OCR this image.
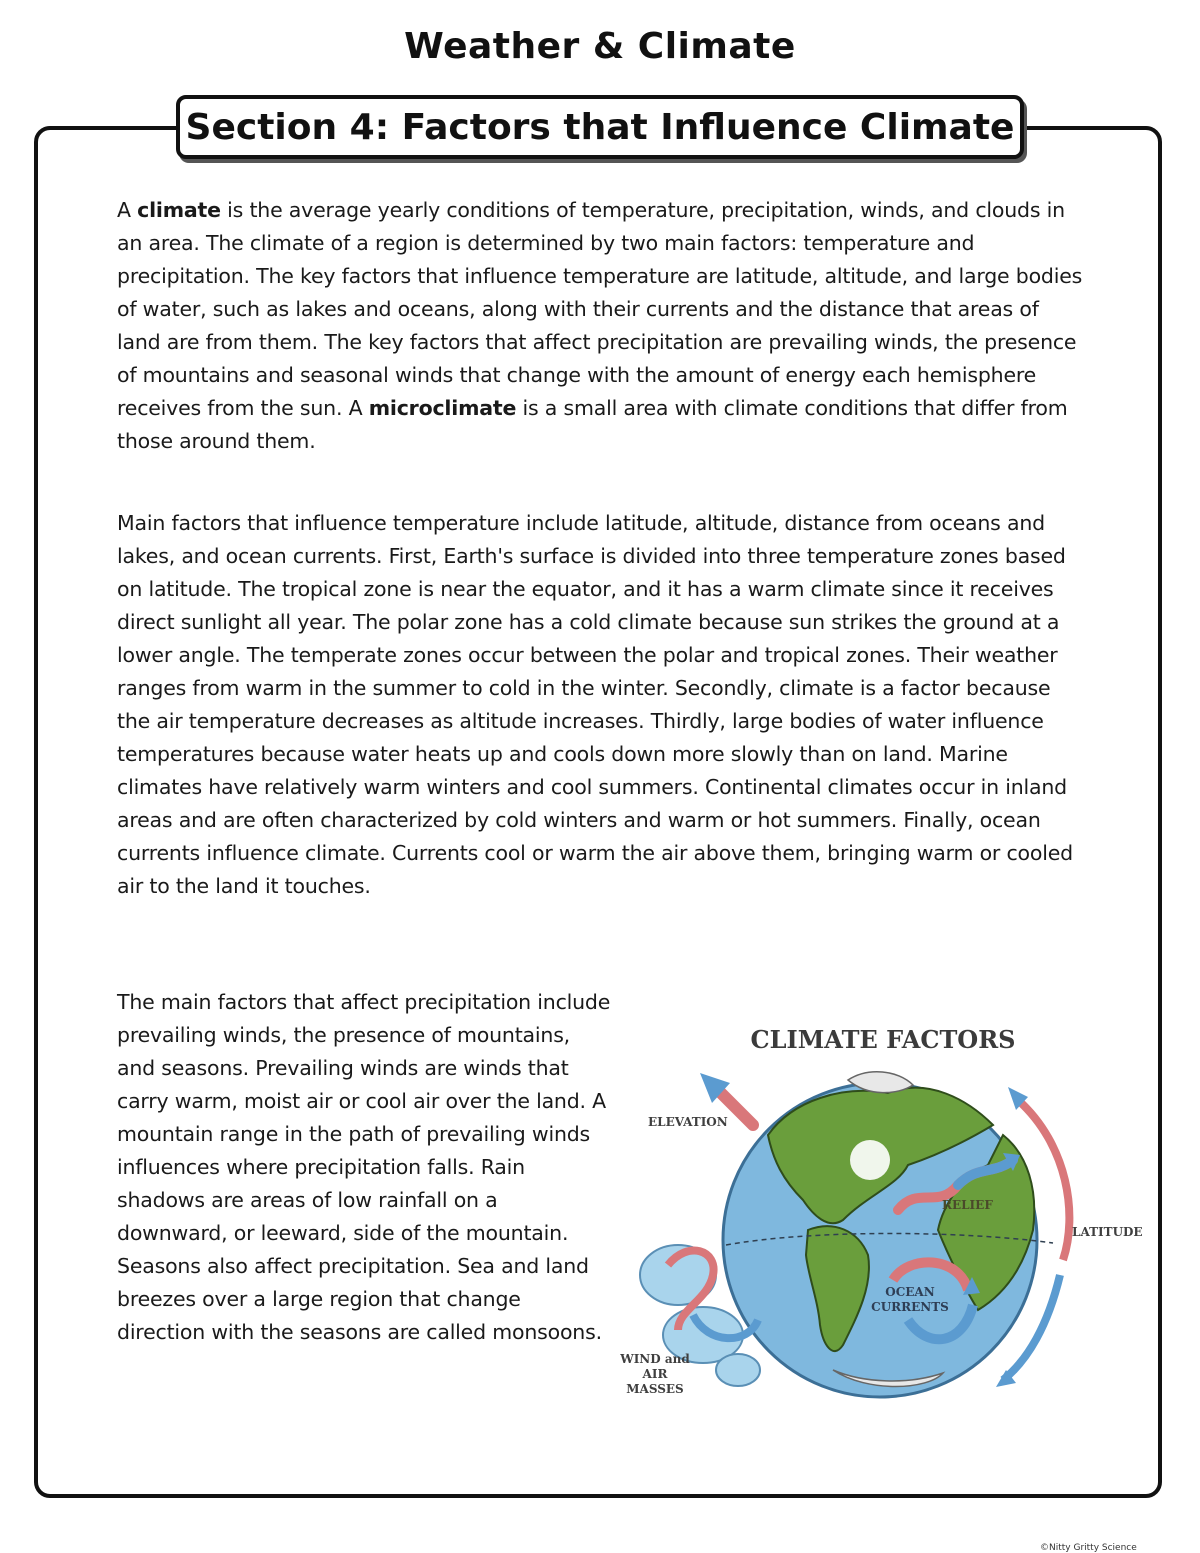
Weather & Climate
Section 4: Factors that Influence Climate

A climate is the average yearly conditions of temperature, precipitation, winds, and clouds in an area. The climate of a region is determined by two main factors: temperature and precipitation. The key factors that influence temperature are latitude, altitude, and large bodies of water, such as lakes and oceans, along with their currents and the distance that areas of land are from them. The key factors that affect precipitation are prevailing winds, the presence of mountains and seasonal winds that change with the amount of energy each hemisphere receives from the sun. A microclimate is a small area with climate conditions that differ from those around them.

Main factors that influence temperature include latitude, altitude, distance from oceans and lakes, and ocean currents. First, Earth's surface is divided into three temperature zones based on latitude. The tropical zone is near the equator, and it has a warm climate since it receives direct sunlight all year. The polar zone has a cold climate because sun strikes the ground at a lower angle. The temperate zones occur between the polar and tropical zones. Their weather ranges from warm in the summer to cold in the winter. Secondly, climate is a factor because the air temperature decreases as altitude increases. Thirdly, large bodies of water influence temperatures because water heats up and cools down more slowly than on land. Marine climates have relatively warm winters and cool summers. Continental climates occur in inland areas and are often characterized by cold winters and warm or hot summers. Finally, ocean currents influence climate. Currents cool or warm the air above them, bringing warm or cooled air to the land it touches.

The main factors that affect precipitation include prevailing winds, the presence of mountains, and seasons. Prevailing winds are winds that carry warm, moist air or cool air over the land. A mountain range in the path of prevailing winds influences where precipitation falls. Rain shadows are areas of low rainfall on a downward, or leeward, side of the mountain. Seasons also affect precipitation. Sea and land breezes over a large region that change direction with the seasons are called monsoons.

CLIMATE FACTORS
ELEVATION
LATITUDE
RELIEF
OCEAN
CURRENTS
WIND and
AIR MASSES
©Nitty Gritty Science
